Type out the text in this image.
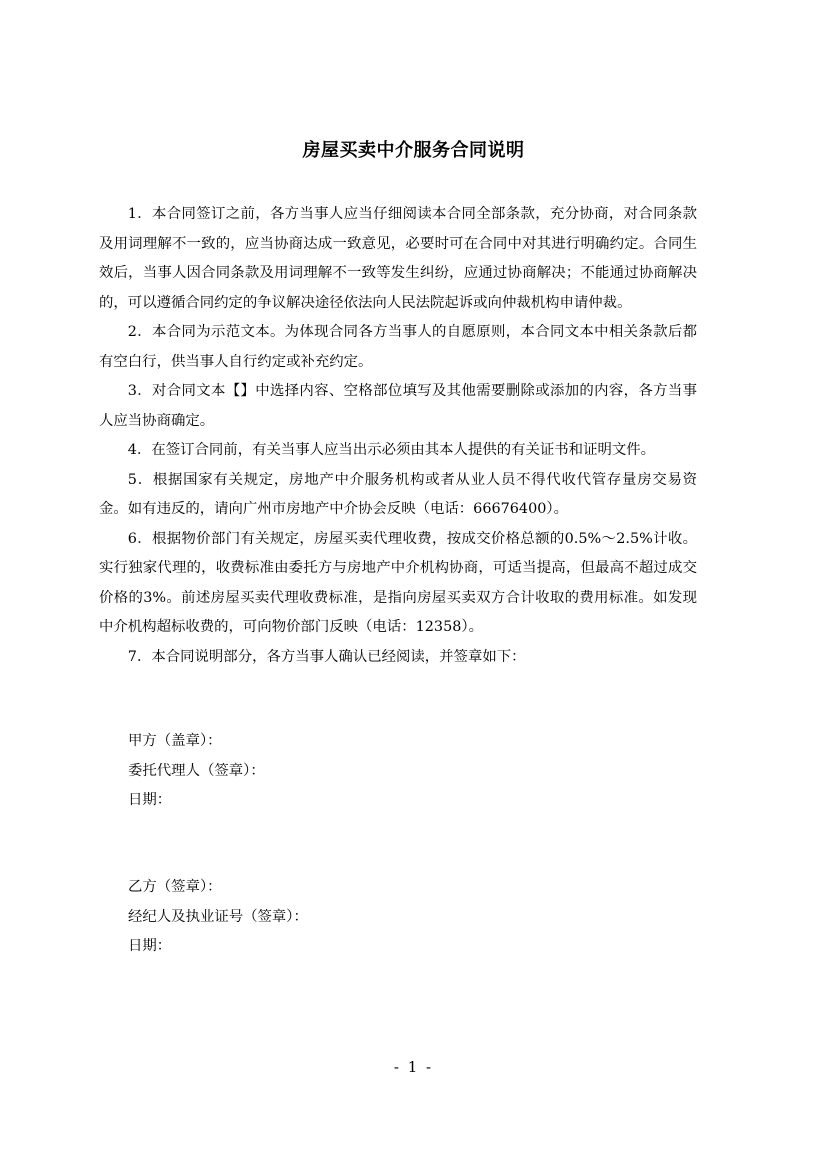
房屋买卖中介服务合同说明

1．本合同签订之前，各方当事人应当仔细阅读本合同全部条款，充分协商，对合同条款及用词理解不一致的，应当协商达成一致意见，必要时可在合同中对其进行明确约定。合同生效后，当事人因合同条款及用词理解不一致等发生纠纷，应通过协商解决；不能通过协商解决的，可以遵循合同约定的争议解决途径依法向人民法院起诉或向仲裁机构申请仲裁。

2．本合同为示范文本。为体现合同各方当事人的自愿原则，本合同文本中相关条款后都有空白行，供当事人自行约定或补充约定。

3．对合同文本【】中选择内容、空格部位填写及其他需要删除或添加的内容，各方当事人应当协商确定。

4．在签订合同前，有关当事人应当出示必须由其本人提供的有关证书和证明文件。

5．根据国家有关规定，房地产中介服务机构或者从业人员不得代收代管存量房交易资金。如有违反的，请向广州市房地产中介协会反映（电话：66676400）。

6．根据物价部门有关规定，房屋买卖代理收费，按成交价格总额的0.5%～2.5%计收。实行独家代理的，收费标准由委托方与房地产中介机构协商，可适当提高，但最高不超过成交价格的3%。前述房屋买卖代理收费标准，是指向房屋买卖双方合计收取的费用标准。如发现中介机构超标收费的，可向物价部门反映（电话：12358）。

7．本合同说明部分，各方当事人确认已经阅读，并签章如下：

甲方（盖章）：
委托代理人（签章）：
日期：
乙方（签章）：
经纪人及执业证号（签章）：
日期：
- 1 -
